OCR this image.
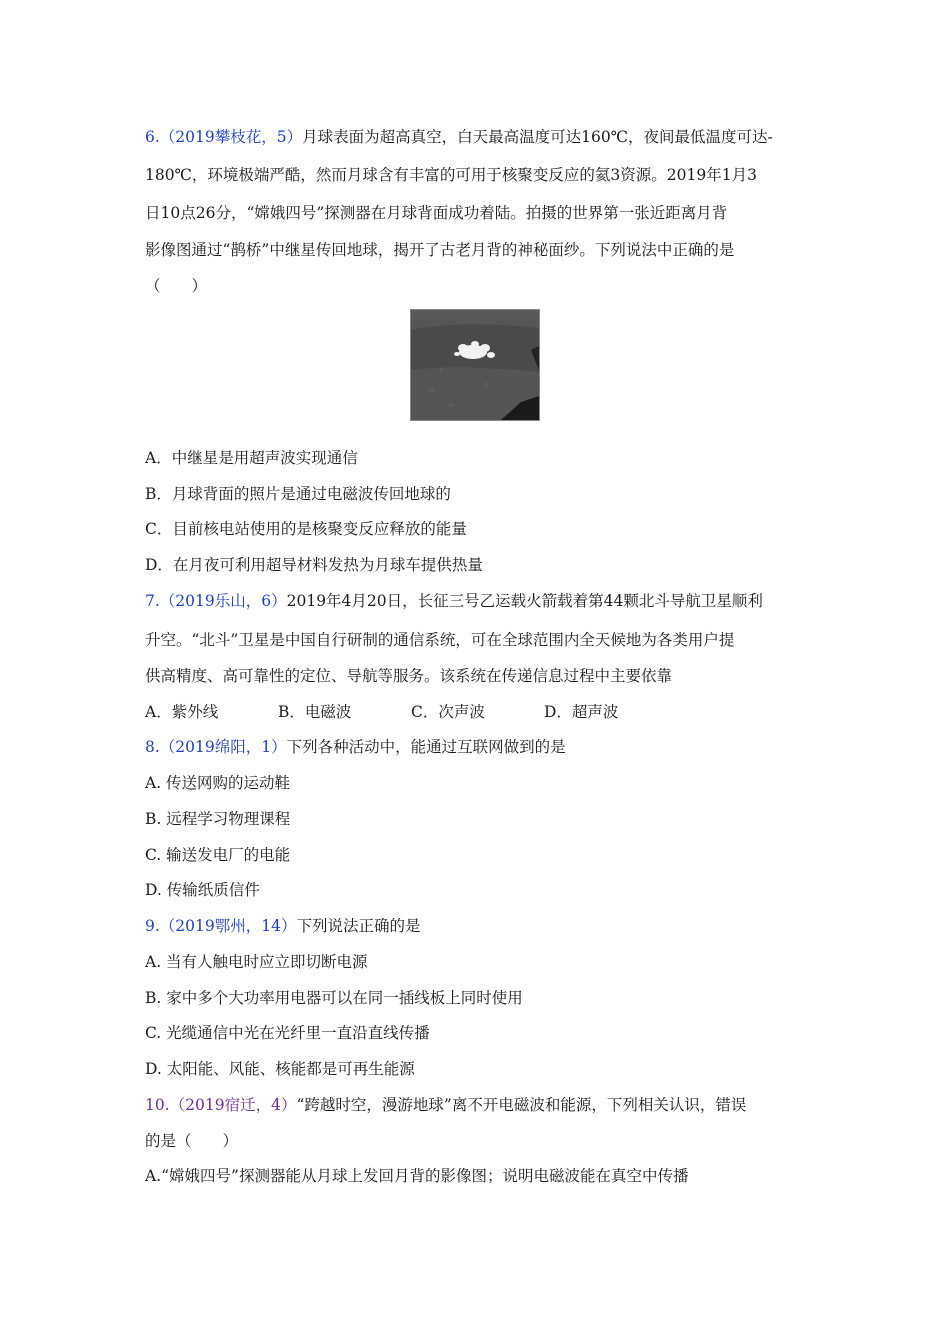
6.（2019攀枝花，5）月球表面为超高真空，白天最高温度可达160℃，夜间最低温度可达-
180℃，环境极端严酷，然而月球含有丰富的可用于核聚变反应的氦3资源。2019年1月3
日10点26分，“嫦娥四号”探测器在月球背面成功着陆。拍摄的世界第一张近距离月背
影像图通过“鹊桥”中继星传回地球，揭开了古老月背的神秘面纱。下列说法中正确的是
（　　）
A．中继星是用超声波实现通信
B．月球背面的照片是通过电磁波传回地球的
C．目前核电站使用的是核聚变反应释放的能量
D．在月夜可利用超导材料发热为月球车提供热量
7.（2019乐山，6）2019年4月20日，长征三号乙运载火箭载着第44颗北斗导航卫星顺利
升空。“北斗”卫星是中国自行研制的通信系统，可在全球范围内全天候地为各类用户提
供高精度、高可靠性的定位、导航等服务。该系统在传递信息过程中主要依靠
A．紫外线	B．电磁波	C．次声波	D．超声波
8.（2019绵阳，1）下列各种活动中，能通过互联网做到的是
A. 传送网购的运动鞋
B. 远程学习物理课程
C. 输送发电厂的电能
D. 传输纸质信件
9.（2019鄂州，14）下列说法正确的是
A. 当有人触电时应立即切断电源
B. 家中多个大功率用电器可以在同一插线板上同时使用
C. 光缆通信中光在光纤里一直沿直线传播
D. 太阳能、风能、核能都是可再生能源
10.（2019宿迁，4）“跨越时空，漫游地球”离不开电磁波和能源，下列相关认识，错误
的是（　　）
A.“嫦娥四号”探测器能从月球上发回月背的影像图；说明电磁波能在真空中传播
